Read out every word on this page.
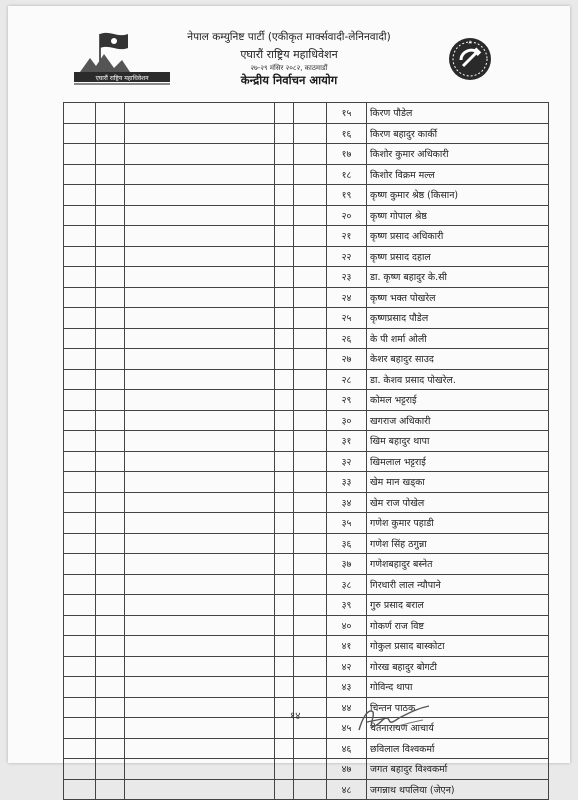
एघारौं राष्ट्रिय महाधिवेशन
नेपाल कम्युनिष्ट पार्टी (एकीकृत मार्क्सवादी-लेनिनवादी)
एघारौं राष्ट्रिय महाधिवेशन
२७-२९ मंसिर २०८२, काठमाडौं
केन्द्रीय निर्वाचन आयोग
					१५	किरण पौडेल
					१६	किरण बहादुर कार्की
					१७	किशोर कुमार अधिकारी
					१८	किशोर विक्रम मल्ल
					१९	कृष्ण कुमार श्रेष्ठ (किसान)
					२०	कृष्ण गोपाल श्रेष्ठ
					२१	कृष्ण प्रसाद अधिकारी
					२२	कृष्ण प्रसाद दहाल
					२३	डा. कृष्ण बहादुर के.सी
					२४	कृष्ण भक्त पोखरेल
					२५	कृष्णप्रसाद पौडेल
					२६	के पी शर्मा ओली
					२७	केशर बहादुर साउद
					२८	डा. केशव प्रसाद पोखरेल.
					२९	कोमल भट्टराई
					३०	खगराज अधिकारी
					३१	खिम बहादुर थापा
					३२	खिमलाल भट्टराई
					३३	खेम मान खड्का
					३४	खेम राज पोखेल
					३५	गणेश कुमार पहाडी
					३६	गणेश सिंह ठगुन्ना
					३७	गणेशबहादुर बस्नेत
					३८	गिरधारी लाल न्यौपाने
					३९	गुरु प्रसाद बराल
					४०	गोकर्ण राज विष्ट
					४१	गोकुल प्रसाद बास्कोटा
					४२	गोरख बहादुर बोगटी
					४३	गोविन्द थापा
					४४	चिन्तन पाठक
					४५	चेतनारायण आचार्य
					४६	छविलाल विश्वकर्मा
					४७	जगत बहादुर विश्वकर्मा
					४८	जगन्नाथ थपलिया (जेएन)
१४
